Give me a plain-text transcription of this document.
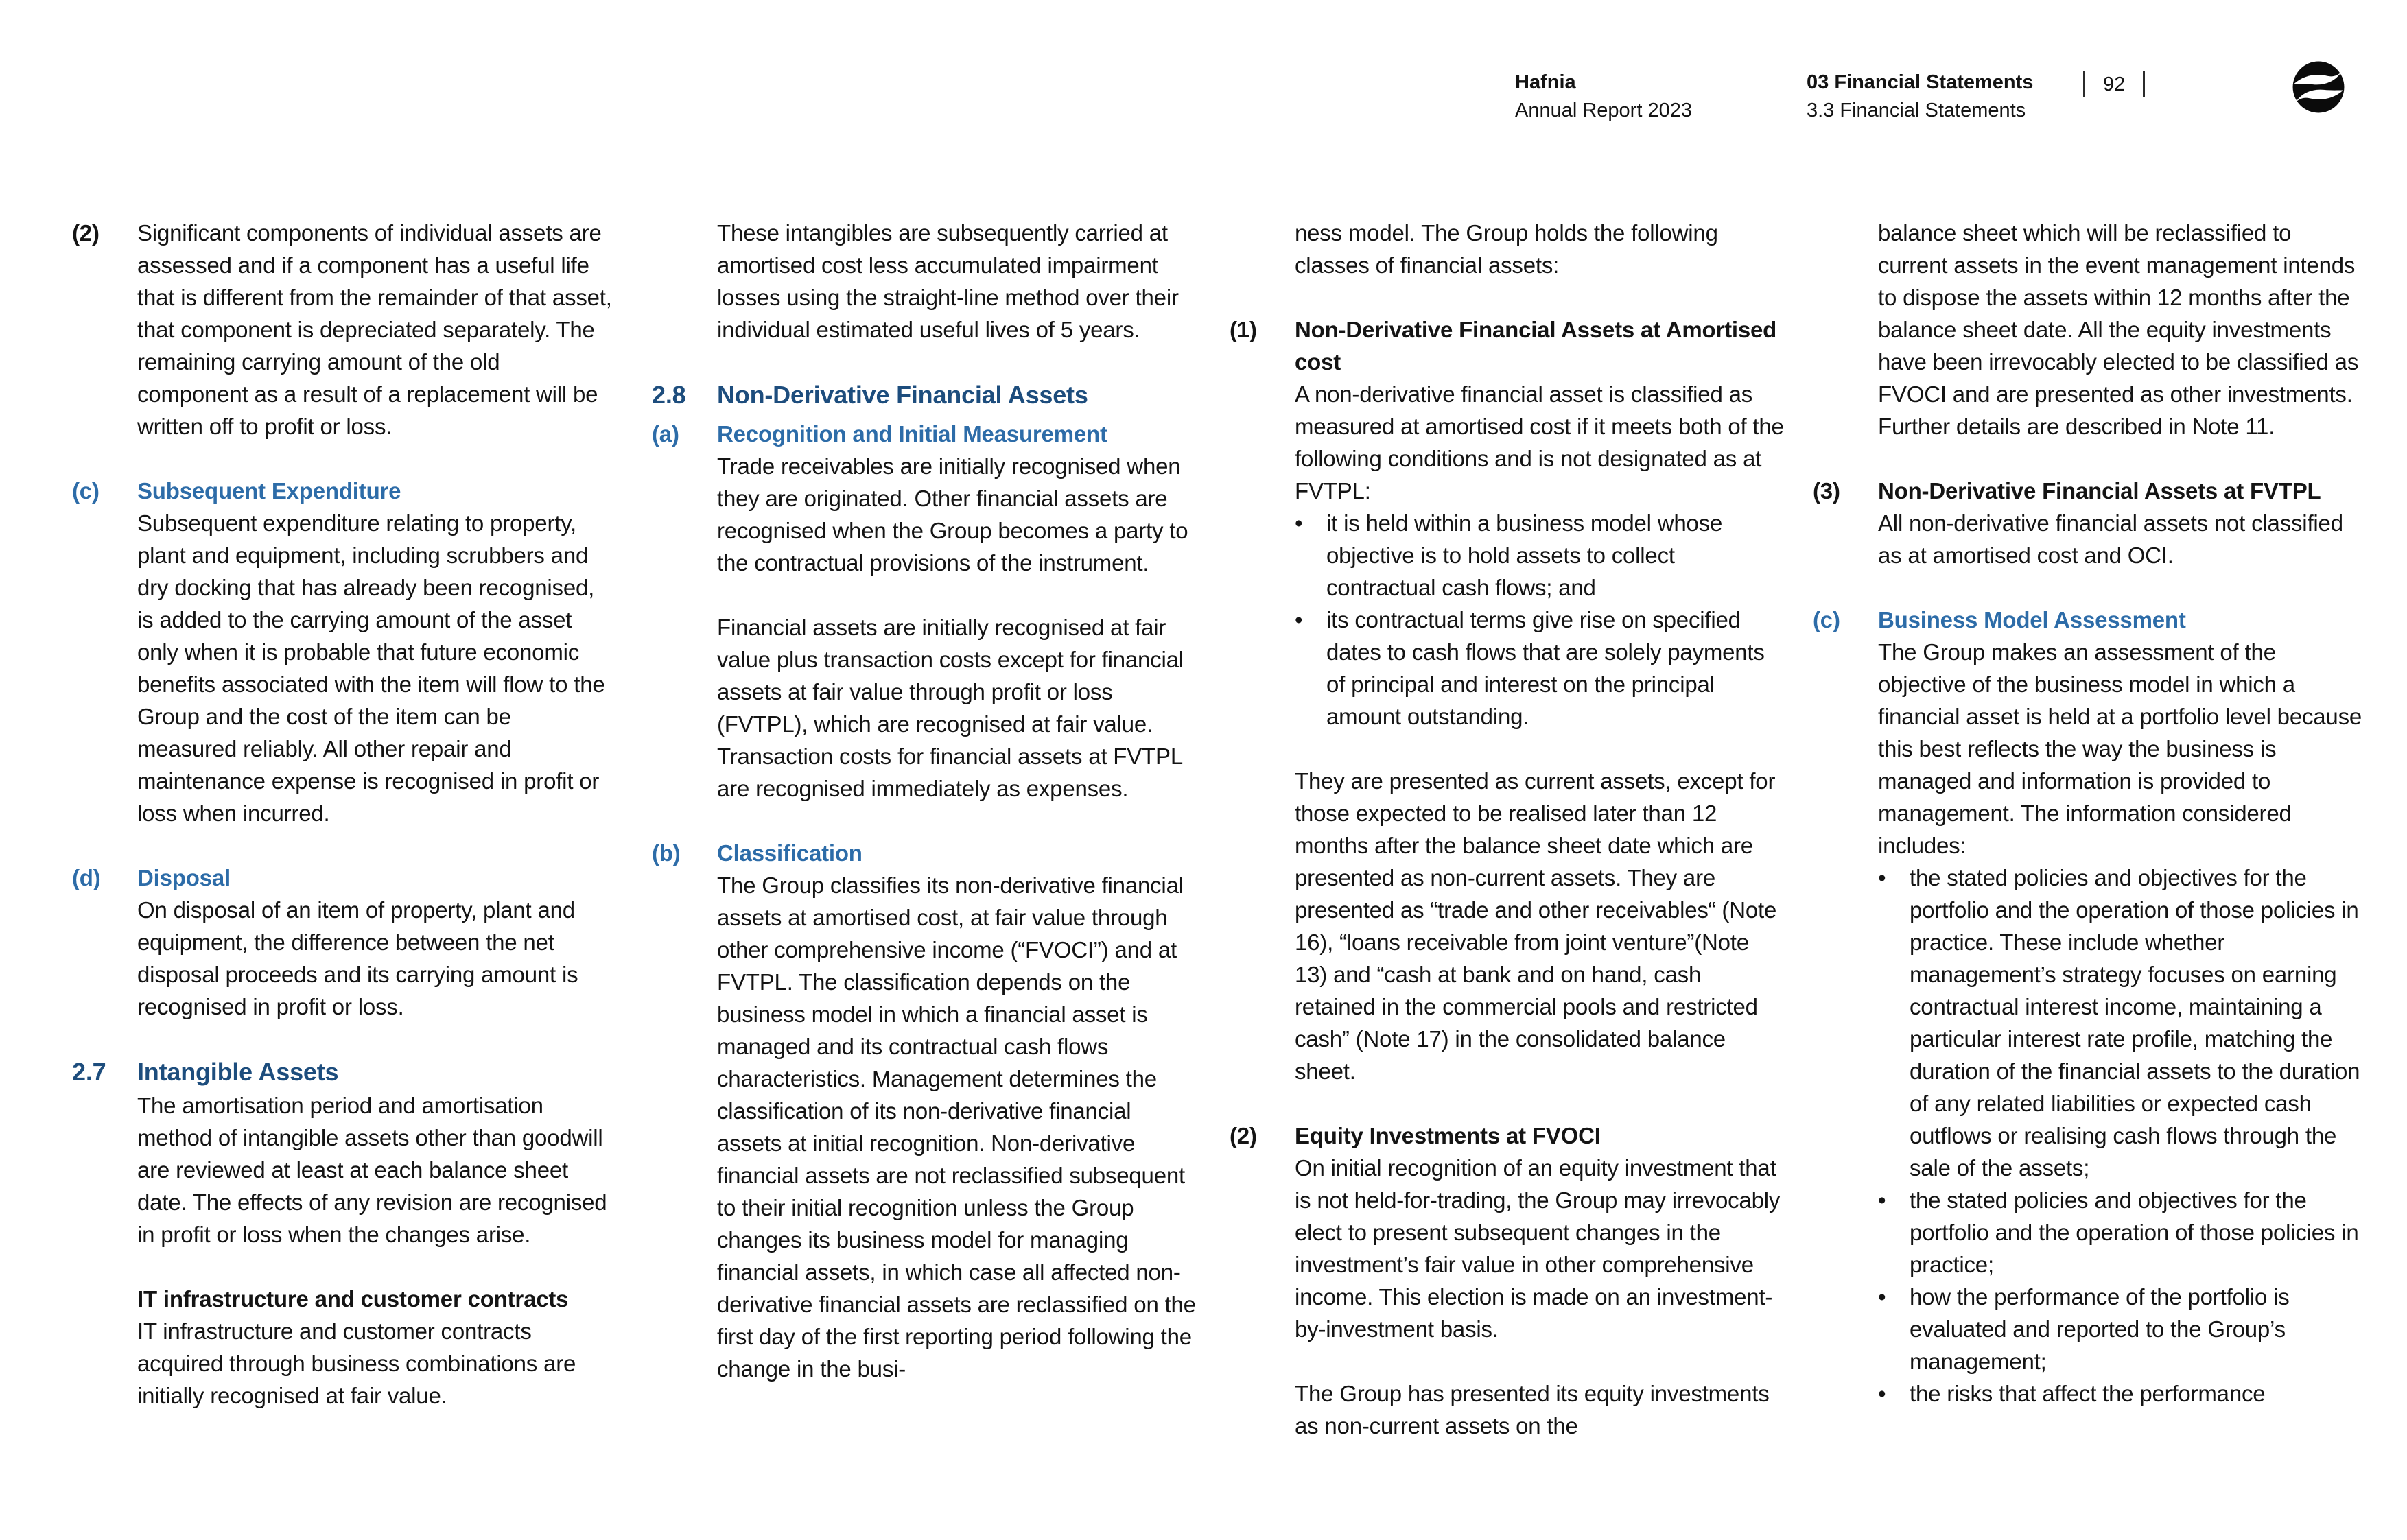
Hafnia
Annual Report 2023
03 Financial Statements
3.3 Financial Statements
92
(2)	Significant components of individual assets are assessed and if a component has a useful life that is different from the remainder of that asset, that component is depreciated separately. The remaining carrying amount of the old component as a result of a replacement will be written off to profit or loss.

(c)	Subsequent Expenditure

Subsequent expenditure relating to property, plant and equipment, including scrubbers and dry docking that has already been recognised, is added to the carrying amount of the asset only when it is probable that future economic benefits associated with the item will flow to the Group and the cost of the item can be measured reliably. All other repair and maintenance expense is recognised in profit or loss when incurred.

(d)	Disposal

On disposal of an item of property, plant and equipment, the difference between the net disposal proceeds and its carrying amount is recognised in profit or loss.

2.7	Intangible Assets

The amortisation period and amortisation method of intangible assets other than goodwill are reviewed at least at each balance sheet date. The effects of any revision are recognised in profit or loss when the changes arise.

IT infrastructure and customer contracts

IT infrastructure and customer contracts acquired through business combinations are initially recognised at fair value.

These intangibles are subsequently carried at amortised cost less accumulated impairment losses using the straight-line method over their individual estimated useful lives of 5 years.

2.8	Non-Derivative Financial Assets
(a)	Recognition and Initial Measurement

Trade receivables are initially recognised when they are originated. Other financial assets are recognised when the Group becomes a party to the contractual provisions of the instrument.

Financial assets are initially recognised at fair value plus transaction costs except for financial assets at fair value through profit or loss (FVTPL), which are recognised at fair value. Transaction costs for financial assets at FVTPL are recognised immediately as expenses.

(b)	Classification

The Group classifies its non-derivative financial assets at amortised cost, at fair value through other comprehensive income (“FVOCI”) and at FVTPL. The classification depends on the business model in which a financial asset is managed and its contractual cash flows characteristics. Management determines the classification of its non-derivative financial assets at initial recognition. Non-derivative financial assets are not reclassified subsequent to their initial recognition unless the Group changes its business model for managing financial assets, in which case all affected non-derivative financial assets are reclassified on the first day of the first reporting period following the change in the busi-

ness model. The Group holds the following classes of financial assets:

(1)	Non-Derivative Financial Assets at Amortised cost

A non-derivative financial asset is classified as measured at amortised cost if it meets both of the following conditions and is not designated as at FVTPL:

•	it is held within a business model whose objective is to hold assets to collect contractual cash flows; and
•	its contractual terms give rise on specified dates to cash flows that are solely payments of principal and interest on the principal amount outstanding.

They are presented as current assets, except for those expected to be realised later than 12 months after the balance sheet date which are presented as non-current assets. They are presented as “trade and other receivables“ (Note 16), “loans receivable from joint venture”(Note 13) and “cash at bank and on hand, cash retained in the commercial pools and restricted cash” (Note 17) in the consolidated balance sheet.

(2)	Equity Investments at FVOCI

On initial recognition of an equity investment that is not held-for-trading, the Group may irrevocably elect to present subsequent changes in the investment’s fair value in other comprehensive income. This election is made on an investment-by-investment basis.

The Group has presented its equity investments as non-current assets on the

balance sheet which will be reclassified to current assets in the event management intends to dispose the assets within 12 months after the balance sheet date. All the equity investments have been irrevocably elected to be classified as FVOCI and are presented as other investments. Further details are described in Note 11.

(3)	Non-Derivative Financial Assets at FVTPL

All non-derivative financial assets not classified as at amortised cost and OCI.

(c)	Business Model Assessment

The Group makes an assessment of the objective of the business model in which a financial asset is held at a portfolio level because this best reflects the way the business is managed and information is provided to management. The information considered includes:

•	the stated policies and objectives for the portfolio and the operation of those policies in practice. These include whether management’s strategy focuses on earning contractual interest income, maintaining a particular interest rate profile, matching the duration of the financial assets to the duration of any related liabilities or expected cash outflows or realising cash flows through the sale of the assets;
•	the stated policies and objectives for the portfolio and the operation of those policies in practice;
•	how the performance of the portfolio is evaluated and reported to the Group’s management;
•	the risks that affect the performance
